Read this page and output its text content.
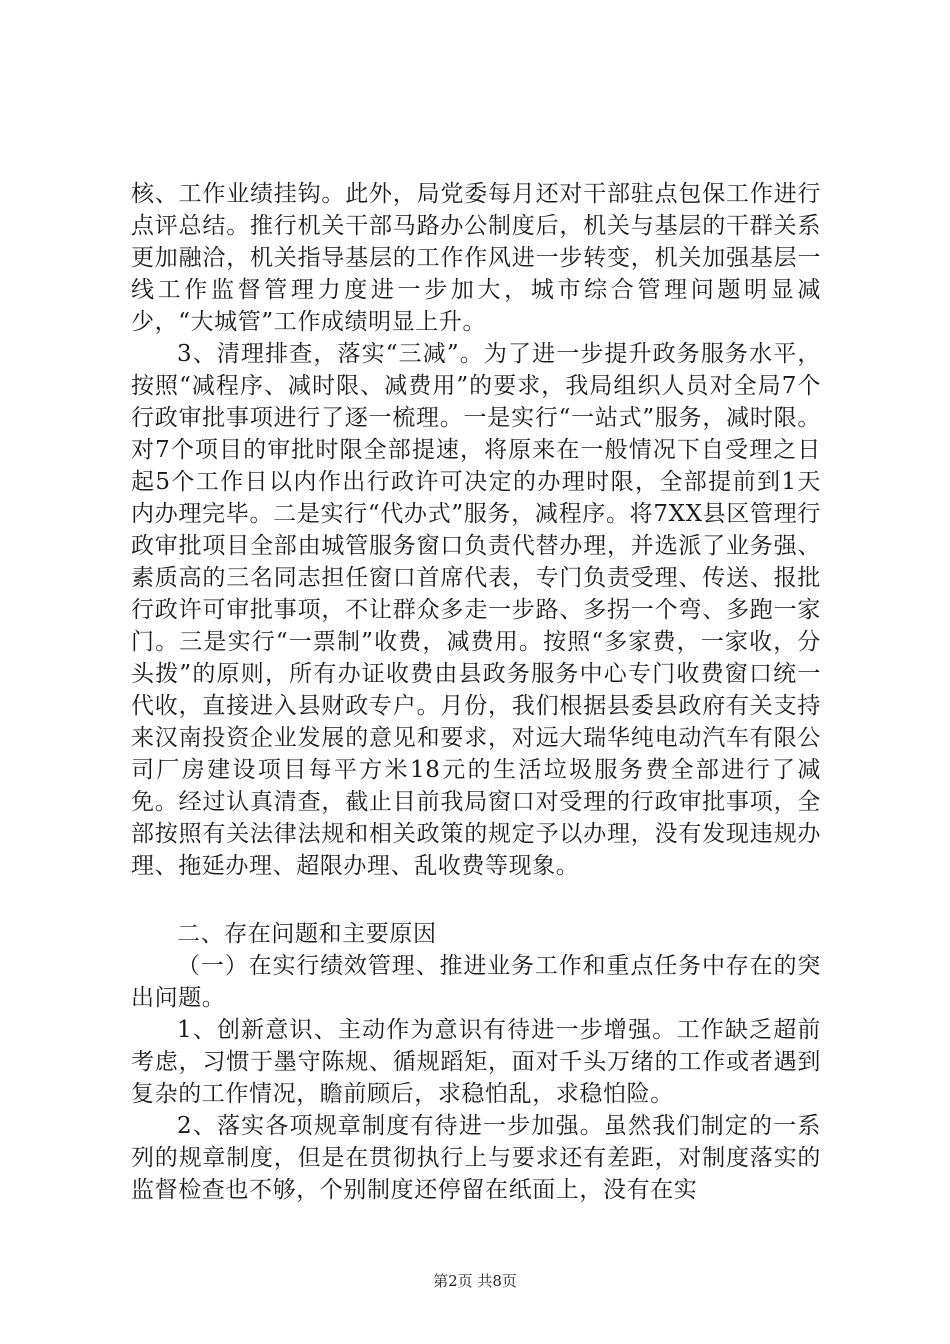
核、工作业绩挂钩。此外，局党委每月还对干部驻点包保工作进行点评总结。推行机关干部马路办公制度后，机关与基层的干群关系更加融洽，机关指导基层的工作作风进一步转变，机关加强基层一线工作监督管理力度进一步加大，城市综合管理问题明显减少，“大城管”工作成绩明显上升。

3、清理排查，落实“三减”。为了进一步提升政务服务水平，按照“减程序、减时限、减费用”的要求，我局组织人员对全局7个行政审批事项进行了逐一梳理。一是实行“一站式”服务，减时限。对7个项目的审批时限全部提速，将原来在一般情况下自受理之日起5个工作日以内作出行政许可决定的办理时限，全部提前到1天内办理完毕。二是实行“代办式”服务，减程序。将7XX县区管理行政审批项目全部由城管服务窗口负责代替办理，并选派了业务强、素质高的三名同志担任窗口首席代表，专门负责受理、传送、报批行政许可审批事项，不让群众多走一步路、多拐一个弯、多跑一家门。三是实行“一票制”收费，减费用。按照“多家费，一家收，分头拨”的原则，所有办证收费由县政务服务中心专门收费窗口统一代收，直接进入县财政专户。月份，我们根据县委县政府有关支持来汉南投资企业发展的意见和要求，对远大瑞华纯电动汽车有限公司厂房建设项目每平方米18元的生活垃圾服务费全部进行了减免。经过认真清查，截止目前我局窗口对受理的行政审批事项，全部按照有关法律法规和相关政策的规定予以办理，没有发现违规办理、拖延办理、超限办理、乱收费等现象。

二、存在问题和主要原因

（一）在实行绩效管理、推进业务工作和重点任务中存在的突出问题。

1、创新意识、主动作为意识有待进一步增强。工作缺乏超前考虑，习惯于墨守陈规、循规蹈矩，面对千头万绪的工作或者遇到复杂的工作情况，瞻前顾后，求稳怕乱，求稳怕险。

2、落实各项规章制度有待进一步加强。虽然我们制定的一系列的规章制度，但是在贯彻执行上与要求还有差距，对制度落实的监督检查也不够，个别制度还停留在纸面上，没有在实

第2页 共8页
